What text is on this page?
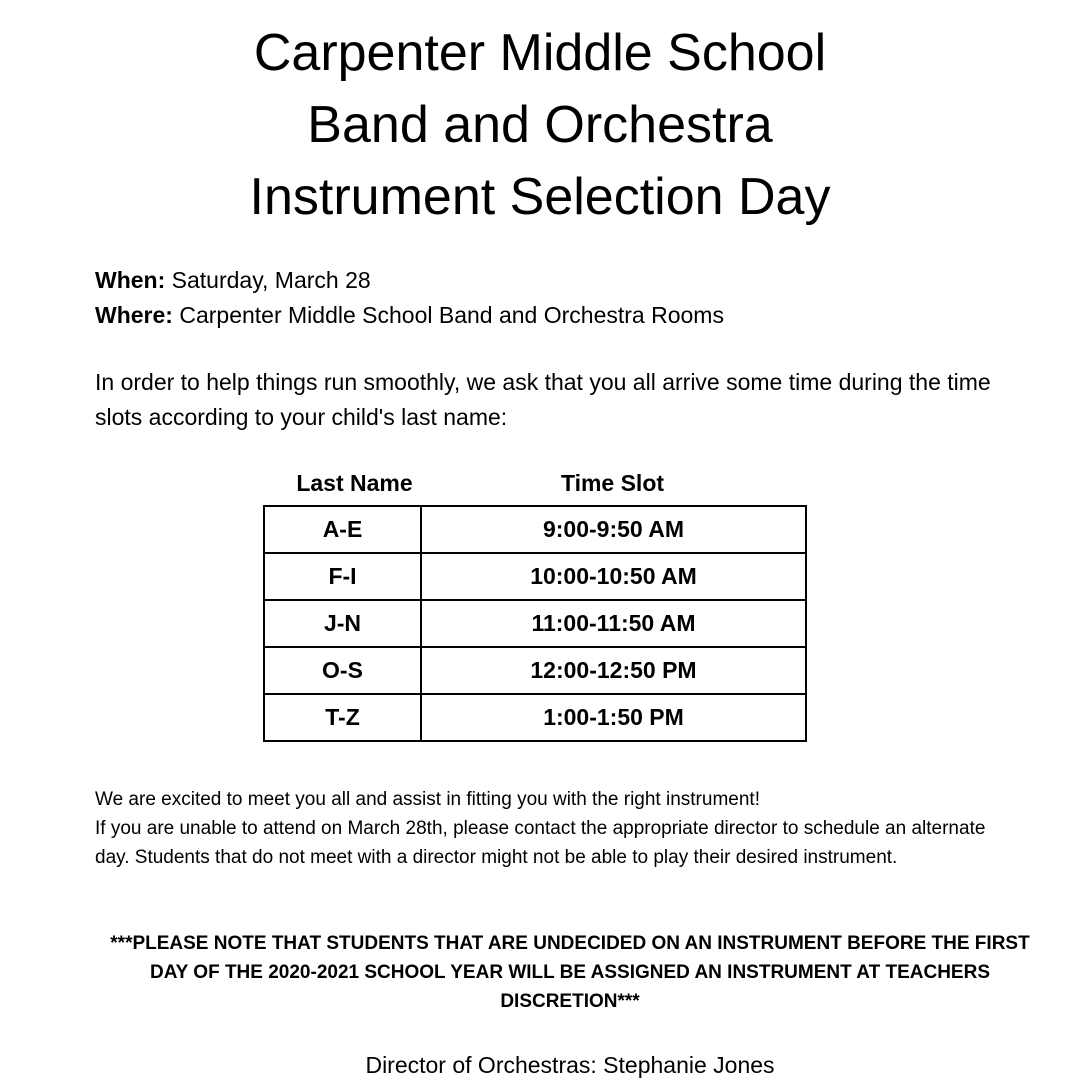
Carpenter Middle School
Band and Orchestra
Instrument Selection Day
When: Saturday, March 28
Where: Carpenter Middle School Band and Orchestra Rooms
In order to help things run smoothly, we ask that you all arrive some time during the time slots according to your child's last name:
Last Name	Time Slot
A-E	9:00-9:50 AM
F-I	10:00-10:50 AM
J-N	11:00-11:50 AM
O-S	12:00-12:50 PM
T-Z	1:00-1:50 PM
We are excited to meet you all and assist in fitting you with the right instrument!
If you are unable to attend on March 28th, please contact the appropriate director to schedule an alternate day. Students that do not meet with a director might not be able to play their desired instrument.
***PLEASE NOTE THAT STUDENTS THAT ARE UNDECIDED ON AN INSTRUMENT BEFORE THE FIRST DAY OF THE 2020-2021 SCHOOL YEAR WILL BE ASSIGNED AN INSTRUMENT AT TEACHERS DISCRETION***
Director of Orchestras: Stephanie Jones
